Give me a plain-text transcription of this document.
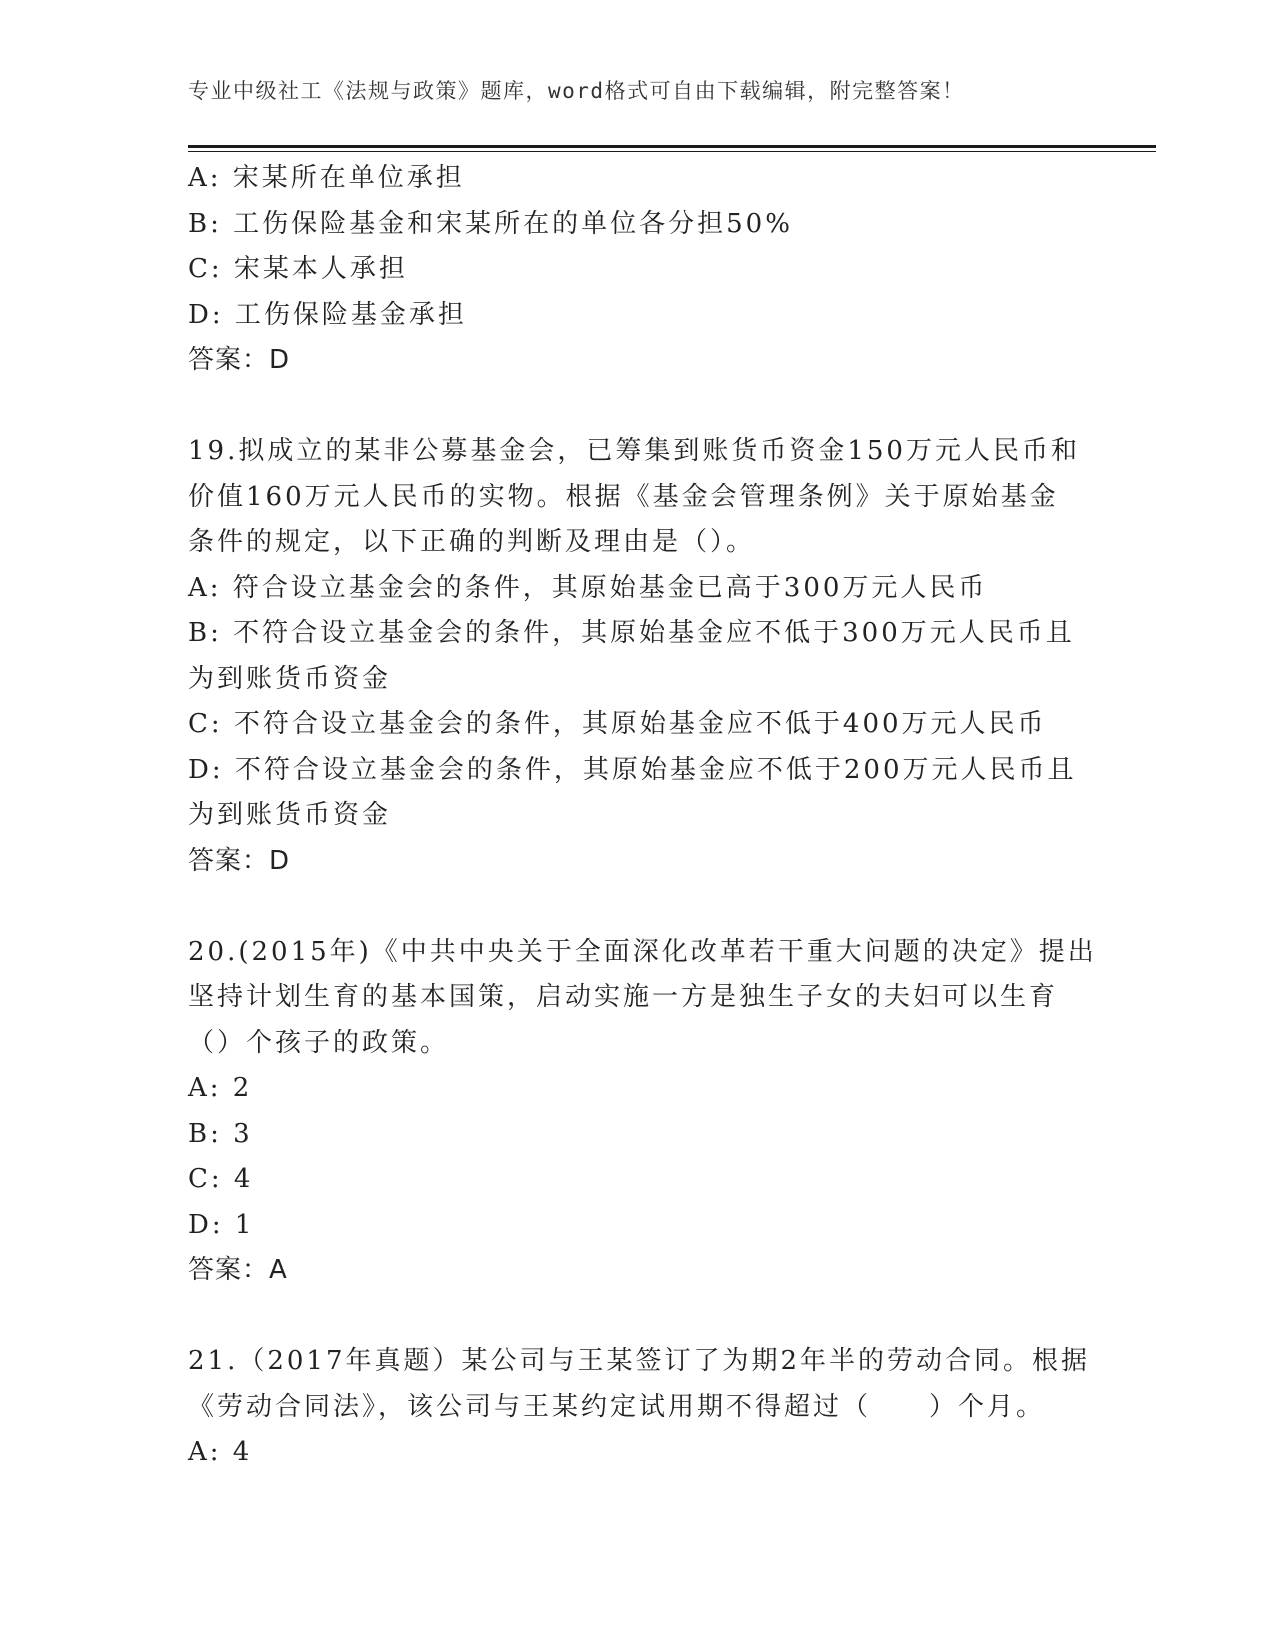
专业中级社工《法规与政策》题库，word格式可自由下载编辑，附完整答案！
A: 宋某所在单位承担
B: 工伤保险基金和宋某所在的单位各分担50%
C: 宋某本人承担
D: 工伤保险基金承担
答案：D
19.拟成立的某非公募基金会，已筹集到账货币资金150万元人民币和
价值160万元人民币的实物。根据《基金会管理条例》关于原始基金
条件的规定，以下正确的判断及理由是（）。
A: 符合设立基金会的条件，其原始基金已高于300万元人民币
B: 不符合设立基金会的条件，其原始基金应不低于300万元人民币且
为到账货币资金
C: 不符合设立基金会的条件，其原始基金应不低于400万元人民币
D: 不符合设立基金会的条件，其原始基金应不低于200万元人民币且
为到账货币资金
答案：D
20.(2015年)《中共中央关于全面深化改革若干重大问题的决定》提出
坚持计划生育的基本国策，启动实施一方是独生子女的夫妇可以生育
（）个孩子的政策。
A: 2
B: 3
C: 4
D: 1
答案：A
21.（2017年真题）某公司与王某签订了为期2年半的劳动合同。根据
《劳动合同法》，该公司与王某约定试用期不得超过（　　）个月。
A: 4
